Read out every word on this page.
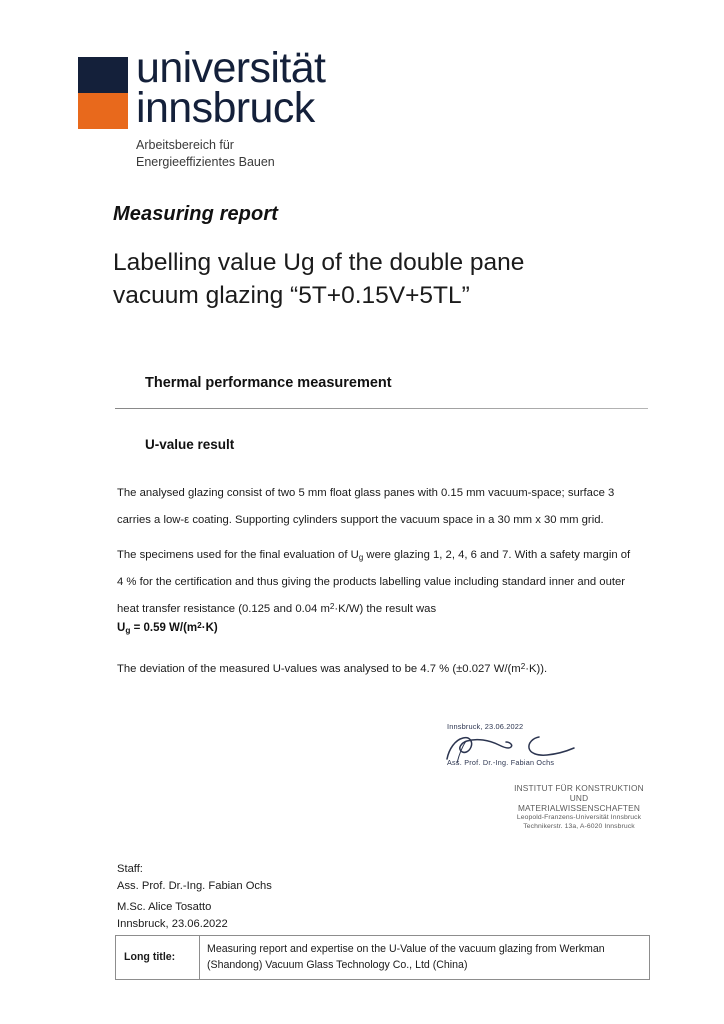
universität
innsbruck
Arbeitsbereich für
Energieeffizientes Bauen
Measuring report
Labelling value Ug of the double pane
vacuum glazing “5T+0.15V+5TL”
Thermal performance measurement
U-value result
The analysed glazing consist of two 5 mm float glass panes with 0.15 mm vacuum-space; surface 3
carries a low-ε coating. Supporting cylinders support the vacuum space in a 30 mm x 30 mm grid.
The specimens used for the final evaluation of $U_g$ were glazing 1, 2, 4, 6 and 7. With a safety margin of
4 % for the certification and thus giving the products labelling value including standard inner and outer
heat transfer resistance (0.125 and 0.04 $m^2\cdot K/W$) the result was
$U_g = 0.59$ $W/(m^2\cdot K)$
The deviation of the measured U-values was analysed to be 4.7 % (±0.027 $W/(m^2\cdot K)$).
Innsbruck, 23.06.2022
Ass. Prof. Dr.-Ing. Fabian Ochs
INSTITUT FÜR KONSTRUKTION UND
MATERIALWISSENSCHAFTEN
Leopold-Franzens-Universität Innsbruck
Technikerstr. 13a, A-6020 Innsbruck
Staff:
Ass. Prof. Dr.-Ing. Fabian Ochs
M.Sc. Alice Tosatto
Innsbruck, 23.06.2022
Long title:	
Measuring report and expertise on the U-Value of the vacuum glazing from Werkman
(Shandong) Vacuum Glass Technology Co., Ltd (China)
